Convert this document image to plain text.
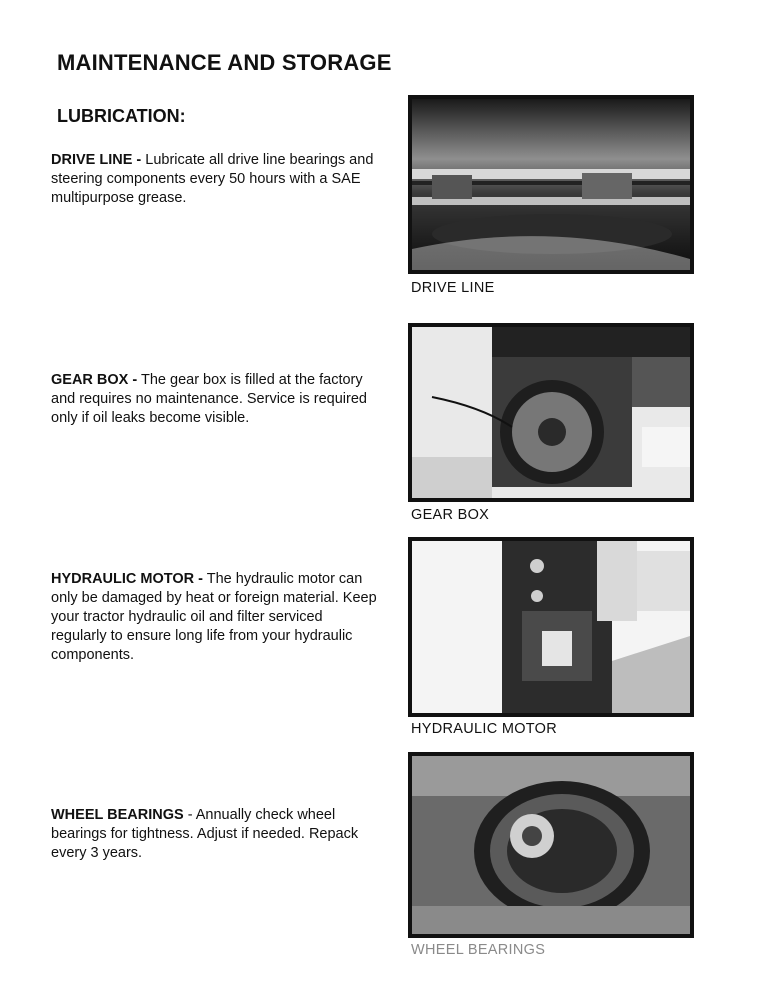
MAINTENANCE AND STORAGE
LUBRICATION:
DRIVE LINE - Lubricate all drive line bearings and steering components every 50 hours with a SAE multipurpose grease.
DRIVE LINE
GEAR BOX - The gear box is filled at the factory and requires no maintenance. Service is required only if oil leaks become visible.
GEAR BOX
HYDRAULIC MOTOR - The hydraulic motor can only be damaged by heat or foreign material. Keep your tractor hydraulic oil and filter serviced regularly to ensure long life from your hydraulic components.
HYDRAULIC MOTOR
WHEEL BEARINGS - Annually check wheel bearings for tightness. Adjust if needed. Repack every 3 years.
WHEEL BEARINGS
